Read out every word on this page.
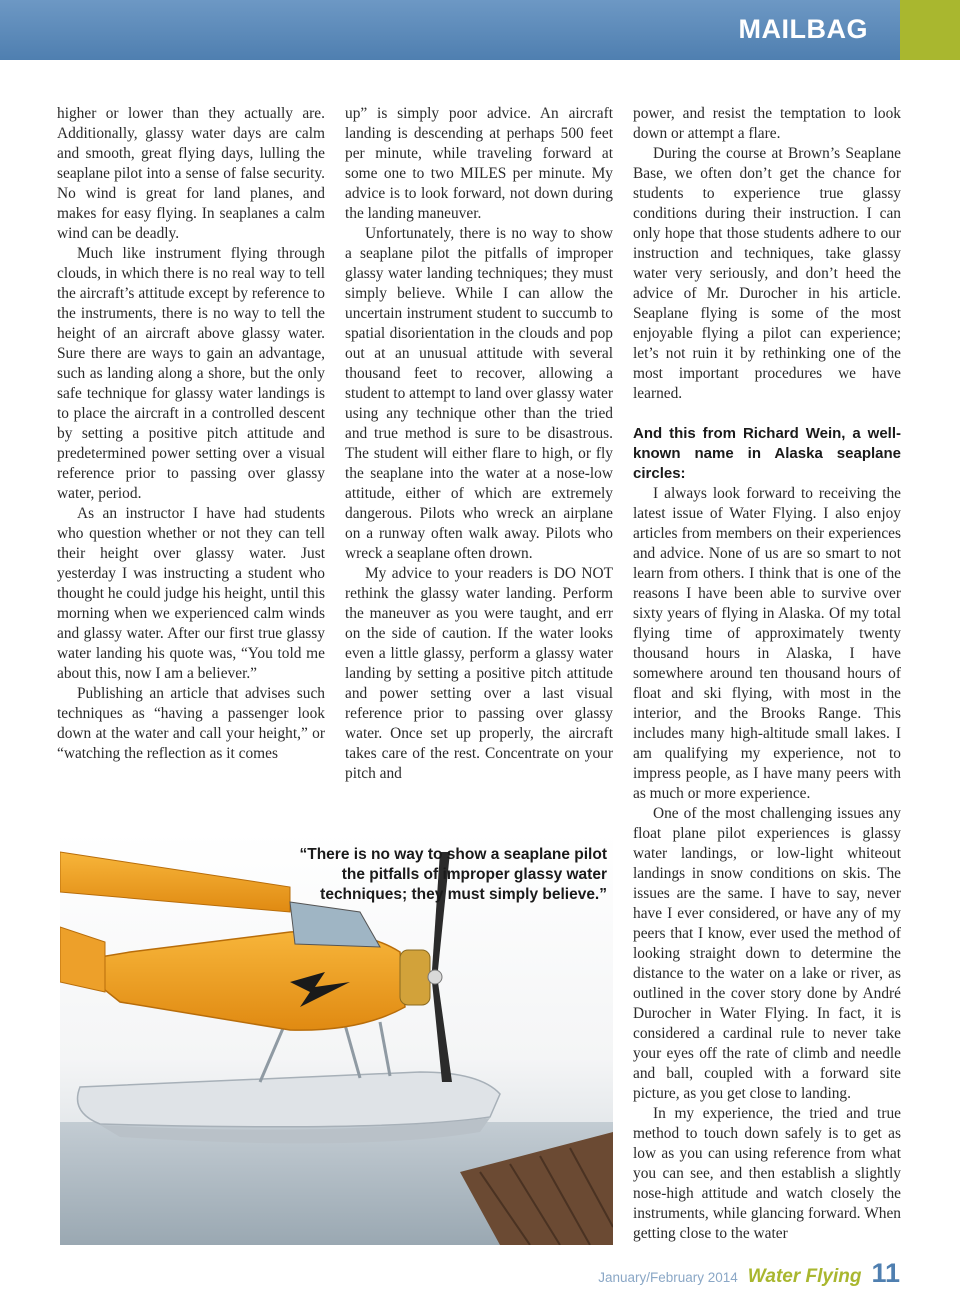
MAILBAG

higher or lower than they actually are. Additionally, glassy water days are calm and smooth, great flying days, lulling the seaplane pilot into a sense of false security. No wind is great for land planes, and makes for easy flying. In seaplanes a calm wind can be deadly.

Much like instrument flying through clouds, in which there is no real way to tell the aircraft’s attitude except by reference to the instruments, there is no way to tell the height of an aircraft above glassy water. Sure there are ways to gain an advantage, such as landing along a shore, but the only safe technique for glassy water landings is to place the aircraft in a controlled descent by setting a positive pitch attitude and predetermined power setting over a visual reference prior to passing over glassy water, period.

As an instructor I have had students who question whether or not they can tell their height over glassy water. Just yesterday I was instructing a student who thought he could judge his height, until this morning when we experienced calm winds and glassy water. After our first true glassy water landing his quote was, “You told me about this, now I am a believer.”

Publishing an article that advises such techniques as “having a passenger look down at the water and call your height,” or “watching the reflection as it comes

up” is simply poor advice. An aircraft landing is descending at perhaps 500 feet per minute, while traveling forward at some one to two MILES per minute. My advice is to look forward, not down during the landing maneuver.

Unfortunately, there is no way to show a seaplane pilot the pitfalls of improper glassy water landing techniques; they must simply believe. While I can allow the uncertain instrument student to succumb to spatial disorientation in the clouds and pop out at an unusual attitude with several thousand feet to recover, allowing a student to attempt to land over glassy water using any technique other than the tried and true method is sure to be disastrous. The student will either flare to high, or fly the seaplane into the water at a nose-low attitude, either of which are extremely dangerous. Pilots who wreck an airplane on a runway often walk away. Pilots who wreck a seaplane often drown.

My advice to your readers is DO NOT rethink the glassy water landing. Perform the maneuver as you were taught, and err on the side of caution. If the water looks even a little glassy, perform a glassy water landing by setting a positive pitch attitude and power setting over a last visual reference prior to passing over glassy water. Once set up properly, the aircraft takes care of the rest. Concentrate on your pitch and

power, and resist the temptation to look down or attempt a flare.

During the course at Brown’s Seaplane Base, we often don’t get the chance for students to experience true glassy conditions during their instruction. I can only hope that those students adhere to our instruction and techniques, take glassy water very seriously, and don’t heed the advice of Mr. Durocher in his article. Seaplane flying is some of the most enjoyable flying a pilot can experience; let’s not ruin it by rethinking one of the most important procedures we have learned.

And this from Richard Wein, a well-known name in Alaska seaplane circles:

I always look forward to receiving the latest issue of Water Flying. I also enjoy articles from members on their experiences and advice. None of us are so smart to not learn from others. I think that is one of the reasons I have been able to survive over sixty years of flying in Alaska. Of my total flying time of approximately twenty thousand hours in Alaska, I have somewhere around ten thousand hours of float and ski flying, with most in the interior, and the Brooks Range. This includes many high-altitude small lakes. I am qualifying my experience, not to impress people, as I have many peers with as much or more experience.

One of the most challenging issues any float plane pilot experiences is glassy water landings, or low-light whiteout landings in snow conditions on skis. The issues are the same. I have to say, never have I ever considered, or have any of my peers that I know, ever used the method of looking straight down to determine the distance to the water on a lake or river, as outlined in the cover story done by André Durocher in Water Flying. In fact, it is considered a cardinal rule to never take your eyes off the rate of climb and needle and ball, coupled with a forward site picture, as you get close to landing.

In my experience, the tried and true method to touch down safely is to get as low as you can using reference from what you can see, and then establish a slightly nose-high attitude and watch closely the instruments, while glancing forward. When getting close to the water

“There is no way to show a seaplane pilot the pitfalls of improper glassy water techniques; they must simply believe.”
January/February 2014 Water Flying 11
